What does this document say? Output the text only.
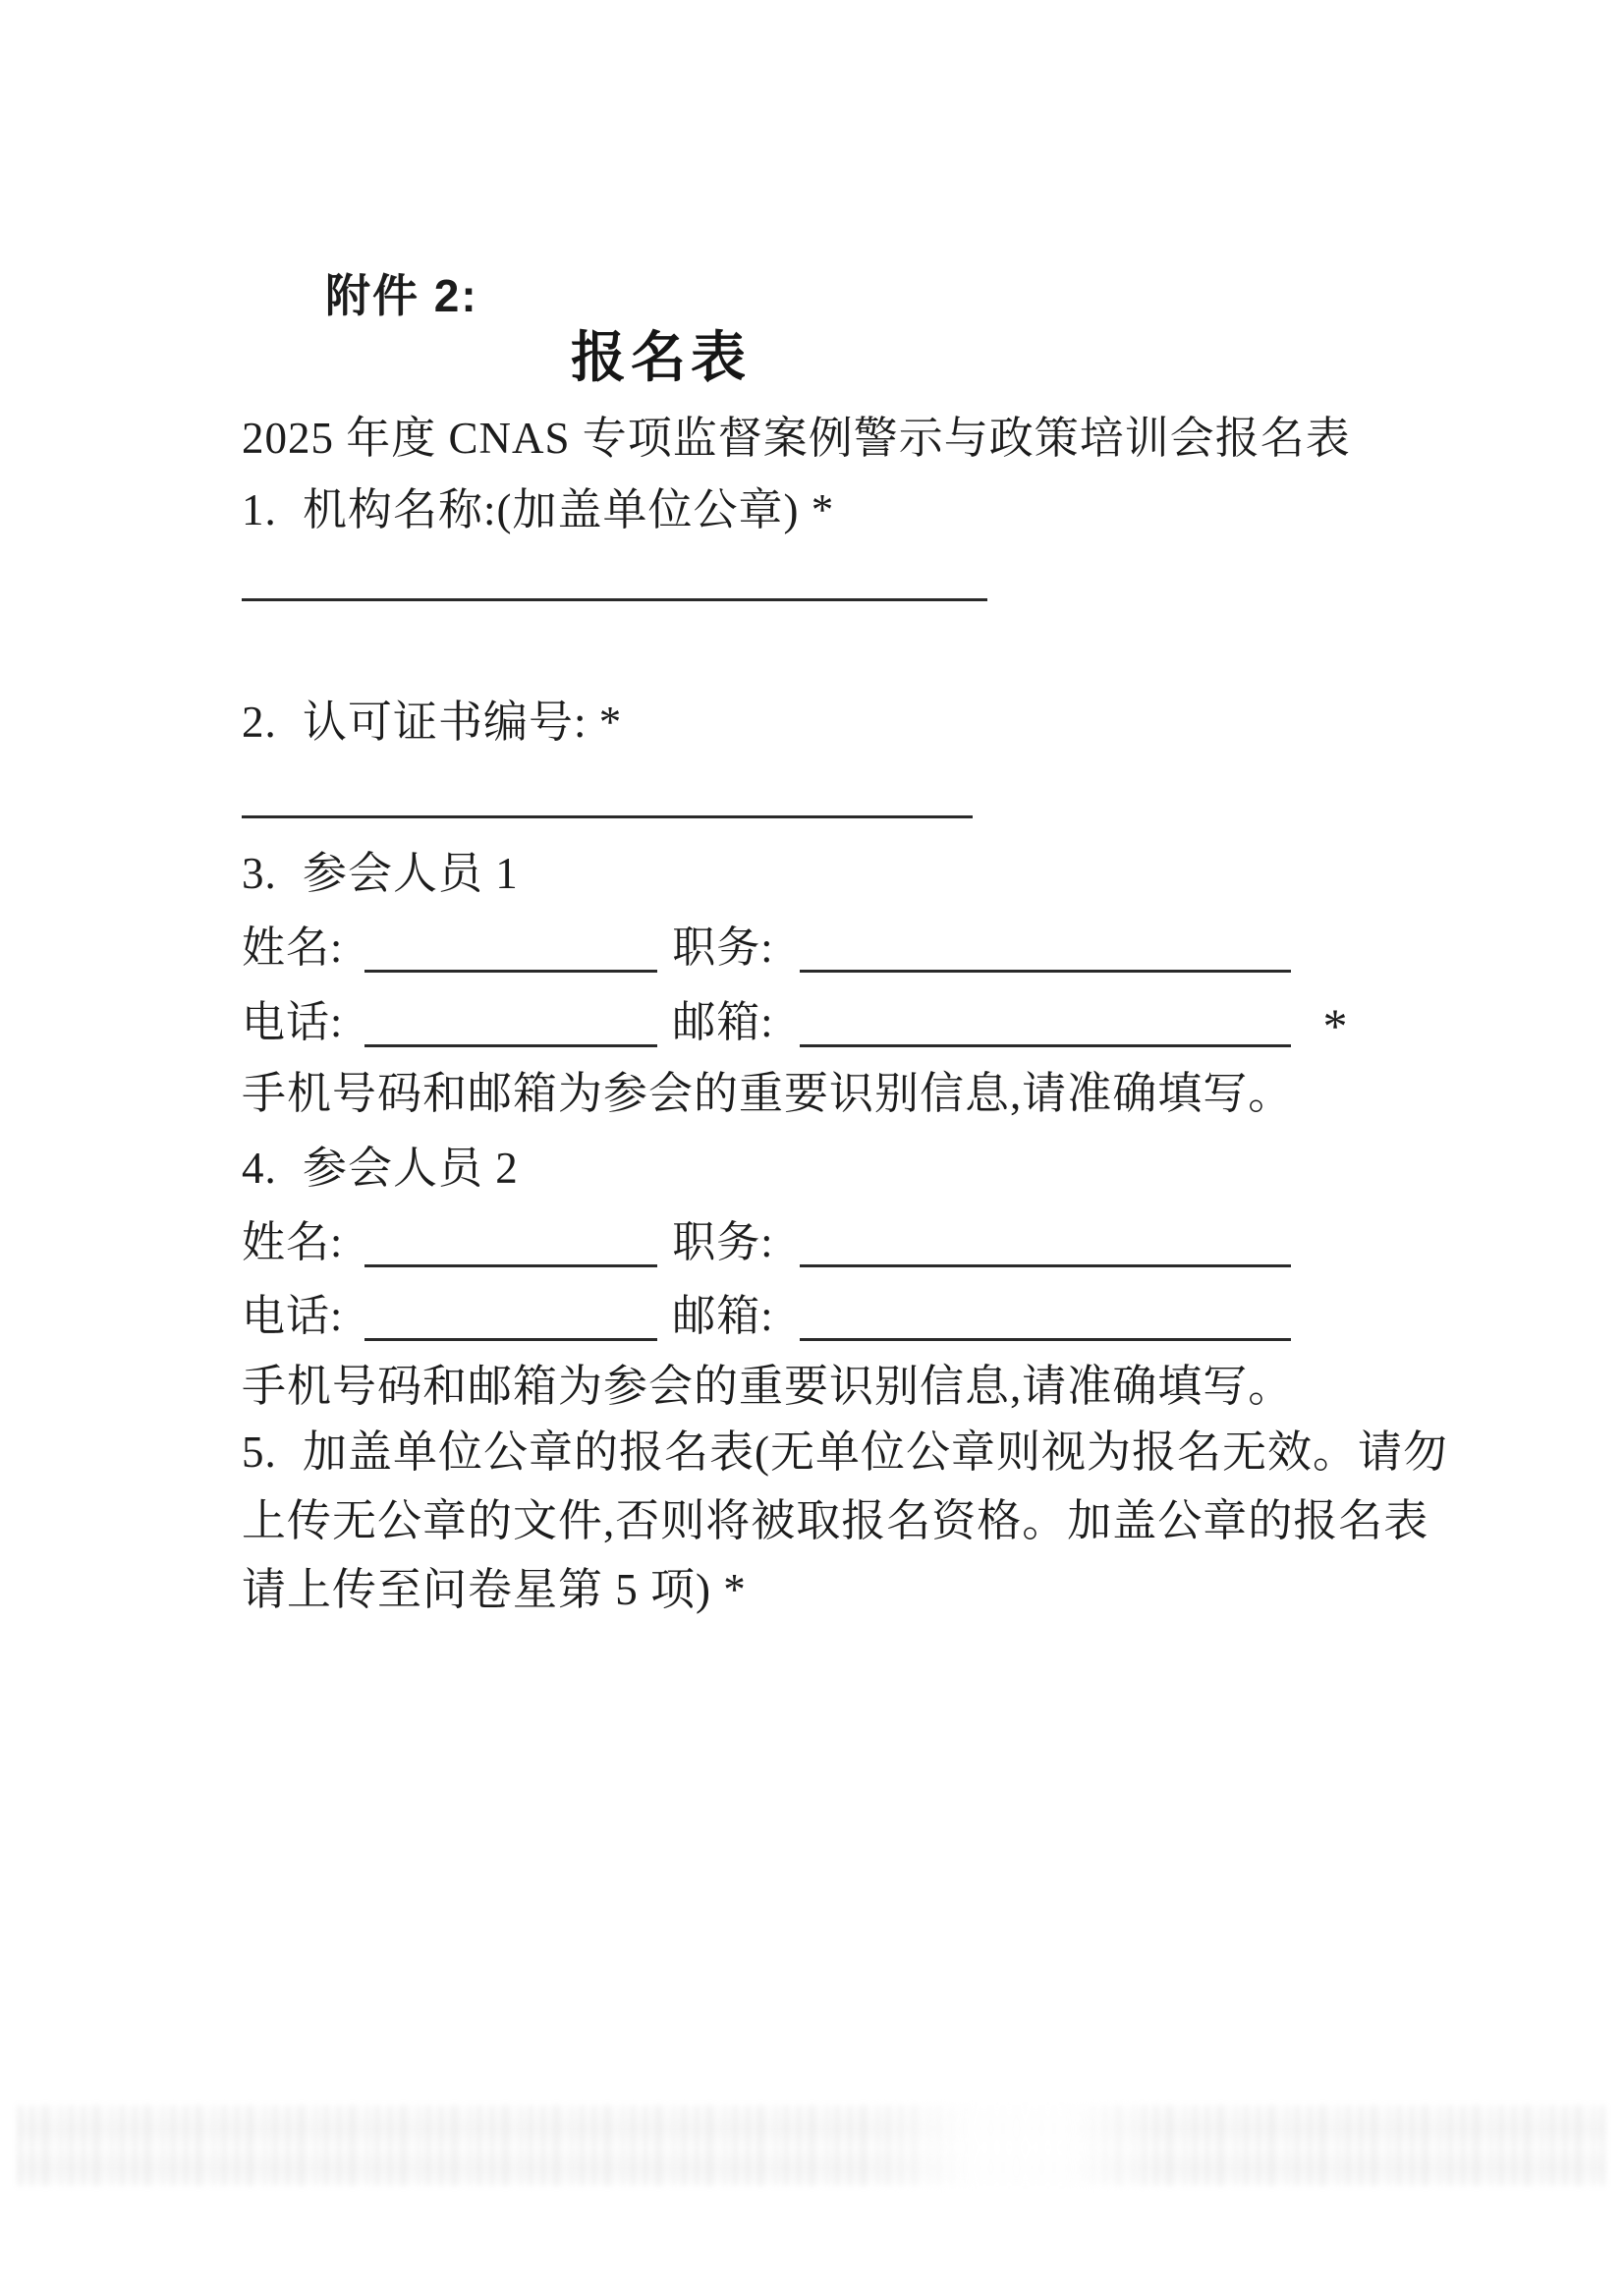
附件 2:
报名表
2025 年度 CNAS 专项监督案例警示与政策培训会报名表
1. 机构名称:(加盖单位公章) *
2. 认可证书编号: *
3. 参会人员 1
姓名:	职务:
电话:	邮箱:	*
手机号码和邮箱为参会的重要识别信息,请准确填写。
4. 参会人员 2
姓名:	职务:
电话:	邮箱:
手机号码和邮箱为参会的重要识别信息,请准确填写。
5. 加盖单位公章的报名表(无单位公章则视为报名无效。请勿
上传无公章的文件,否则将被取报名资格。加盖公章的报名表
请上传至问卷星第 5 项) *
